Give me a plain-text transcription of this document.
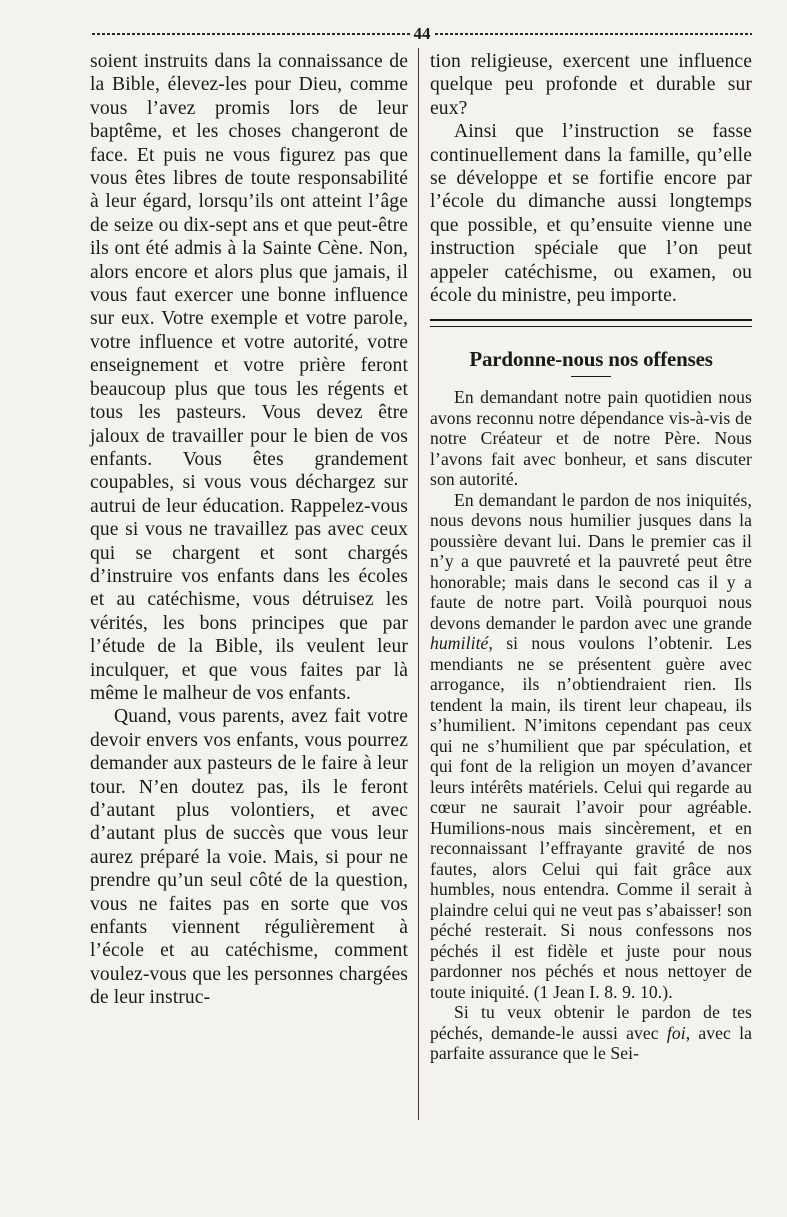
44

soient instruits dans la connaissance de la Bible, élevez-les pour Dieu, comme vous l’avez promis lors de leur baptême, et les choses changeront de face. Et puis ne vous figurez pas que vous êtes libres de toute responsabilité à leur égard, lorsqu’ils ont atteint l’âge de seize ou dix-sept ans et que peut-être ils ont été admis à la Sainte Cène. Non, alors encore et alors plus que jamais, il vous faut exercer une bonne influence sur eux. Votre exemple et votre parole, votre influence et votre autorité, votre enseignement et votre prière feront beaucoup plus que tous les régents et tous les pasteurs. Vous devez être jaloux de travailler pour le bien de vos enfants. Vous êtes grandement coupables, si vous vous déchargez sur autrui de leur éducation. Rappelez-vous que si vous ne travaillez pas avec ceux qui se chargent et sont chargés d’instruire vos enfants dans les écoles et au catéchisme, vous détruisez les vérités, les bons principes que par l’étude de la Bible, ils veulent leur inculquer, et que vous faites par là même le malheur de vos enfants.

Quand, vous parents, avez fait votre devoir envers vos enfants, vous pourrez demander aux pasteurs de le faire à leur tour. N’en doutez pas, ils le feront d’autant plus volontiers, et avec d’autant plus de succès que vous leur aurez préparé la voie. Mais, si pour ne prendre qu’un seul côté de la question, vous ne faites pas en sorte que vos enfants viennent régulièrement à l’école et au catéchisme, comment voulez-vous que les personnes chargées de leur instruc-

tion religieuse, exercent une influence quelque peu profonde et durable sur eux?

Ainsi que l’instruction se fasse continuellement dans la famille, qu’elle se développe et se fortifie encore par l’école du dimanche aussi longtemps que possible, et qu’ensuite vienne une instruction spéciale que l’on peut appeler catéchisme, ou examen, ou école du ministre, peu importe.

Pardonne-nous nos offenses

En demandant notre pain quotidien nous avons reconnu notre dépendance vis-à-vis de notre Créateur et de notre Père. Nous l’avons fait avec bonheur, et sans discuter son autorité.

En demandant le pardon de nos iniquités, nous devons nous humilier jusques dans la poussière devant lui. Dans le premier cas il n’y a que pauvreté et la pauvreté peut être honorable; mais dans le second cas il y a faute de notre part. Voilà pourquoi nous devons demander le pardon avec une grande humilité, si nous voulons l’obtenir. Les mendiants ne se présentent guère avec arrogance, ils n’obtiendraient rien. Ils tendent la main, ils tirent leur chapeau, ils s’humilient. N’imitons cependant pas ceux qui ne s’humilient que par spéculation, et qui font de la religion un moyen d’avancer leurs intérêts matériels. Celui qui regarde au cœur ne saurait l’avoir pour agréable. Humilions-nous mais sincèrement, et en reconnaissant l’effrayante gravité de nos fautes, alors Celui qui fait grâce aux humbles, nous entendra. Comme il serait à plaindre celui qui ne veut pas s’abaisser! son péché resterait. Si nous confessons nos péchés il est fidèle et juste pour nous pardonner nos péchés et nous nettoyer de toute iniquité. (1 Jean I. 8. 9. 10.).

Si tu veux obtenir le pardon de tes péchés, demande-le aussi avec foi, avec la parfaite assurance que le Sei-
